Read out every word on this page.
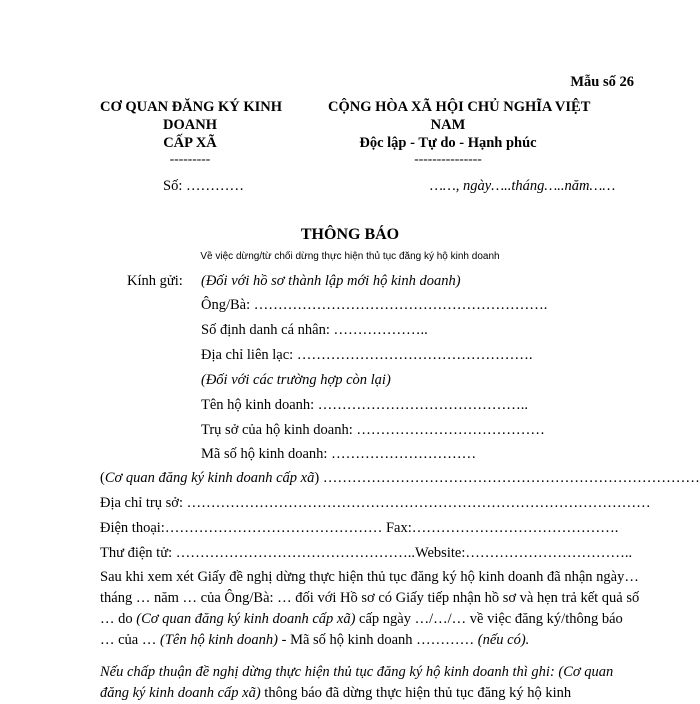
Mẫu số 26
CƠ QUAN ĐĂNG KÝ KINH
DOANH
CẤP XÃ
---------
CỘNG HÒA XÃ HỘI CHỦ NGHĨA VIỆT
NAM
Độc lập - Tự do - Hạnh phúc
---------------
Số: …………	……, ngày…..tháng…..năm……
THÔNG BÁO
Về việc dừng/từ chối dừng thực hiện thủ tục đăng ký hộ kinh doanh
Kính gửi: (Đối với hồ sơ thành lập mới hộ kinh doanh)
Ông/Bà: …………………………………………………….
Số định danh cá nhân: ………………..
Địa chỉ liên lạc: ………………………………………….
(Đối với các trường hợp còn lại)
Tên hộ kinh doanh: ……………………………………..
Trụ sở của hộ kinh doanh: …………………………………
Mã số hộ kinh doanh: …………………………
(Cơ quan đăng ký kinh doanh cấp xã) ……………………………………………………………………
Địa chỉ trụ sở: ……………………………………………………………………………………
Điện thoại:……………………………………… Fax:…………………………………….
Thư điện tử: …………………………………………..Website:……………………………..
Sau khi xem xét Giấy đề nghị dừng thực hiện thủ tục đăng ký hộ kinh doanh đã nhận ngày… tháng … năm … của Ông/Bà: … đối với Hồ sơ có Giấy tiếp nhận hồ sơ và hẹn trả kết quả số … do (Cơ quan đăng ký kinh doanh cấp xã) cấp ngày …/…/… về việc đăng ký/thông báo … của … (Tên hộ kinh doanh) - Mã số hộ kinh doanh ………… (nếu có).
Nếu chấp thuận đề nghị dừng thực hiện thủ tục đăng ký hộ kinh doanh thì ghi: (Cơ quan đăng ký kinh doanh cấp xã) thông báo đã dừng thực hiện thủ tục đăng ký hộ kinh
